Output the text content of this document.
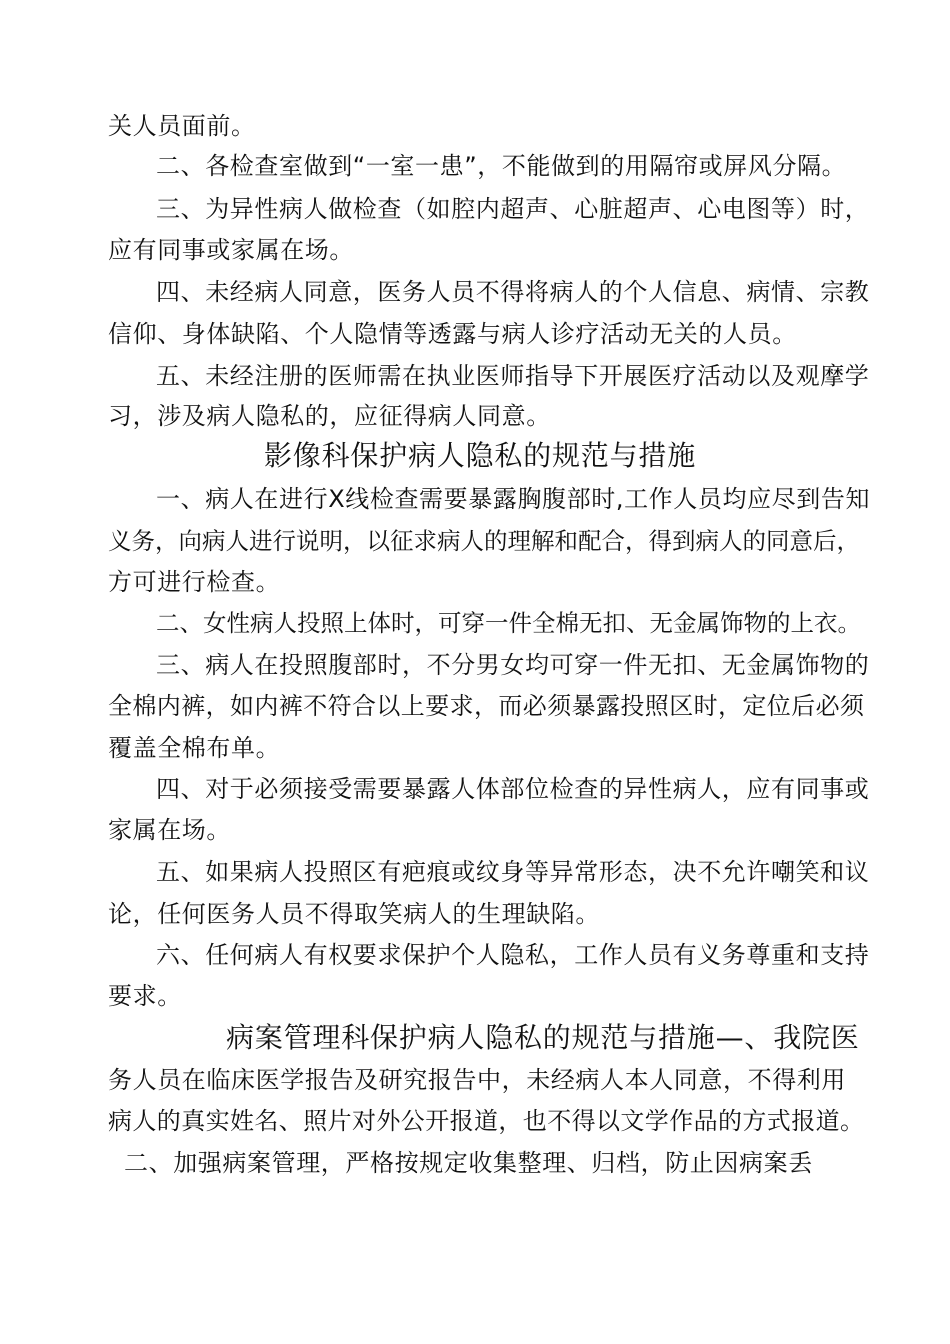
关人员面前。
二、各检查室做到“一室一患”，不能做到的用隔帘或屏风分隔。
三、为异性病人做检查（如腔内超声、心脏超声、心电图等）时，
应有同事或家属在场。
四、未经病人同意，医务人员不得将病人的个人信息、病情、宗教
信仰、身体缺陷、个人隐情等透露与病人诊疗活动无关的人员。
五、未经注册的医师需在执业医师指导下开展医疗活动以及观摩学
习，涉及病人隐私的，应征得病人同意。
影像科保护病人隐私的规范与措施
一、病人在进行X线检查需要暴露胸腹部时,工作人员均应尽到告知
义务，向病人进行说明，以征求病人的理解和配合，得到病人的同意后，
方可进行检查。
二、女性病人投照上体时，可穿一件全棉无扣、无金属饰物的上衣。
三、病人在投照腹部时，不分男女均可穿一件无扣、无金属饰物的
全棉内裤，如内裤不符合以上要求，而必须暴露投照区时，定位后必须
覆盖全棉布单。
四、对于必须接受需要暴露人体部位检查的异性病人，应有同事或
家属在场。
五、如果病人投照区有疤痕或纹身等异常形态，决不允许嘲笑和议
论，任何医务人员不得取笑病人的生理缺陷。
六、任何病人有权要求保护个人隐私，工作人员有义务尊重和支持
要求。
病案管理科保护病人隐私的规范与措施—、我院医
务人员在临床医学报告及研究报告中，未经病人本人同意，不得利用
病人的真实姓名、照片对外公开报道，也不得以文学作品的方式报道。
二、加强病案管理，严格按规定收集整理、归档，防止因病案丢
